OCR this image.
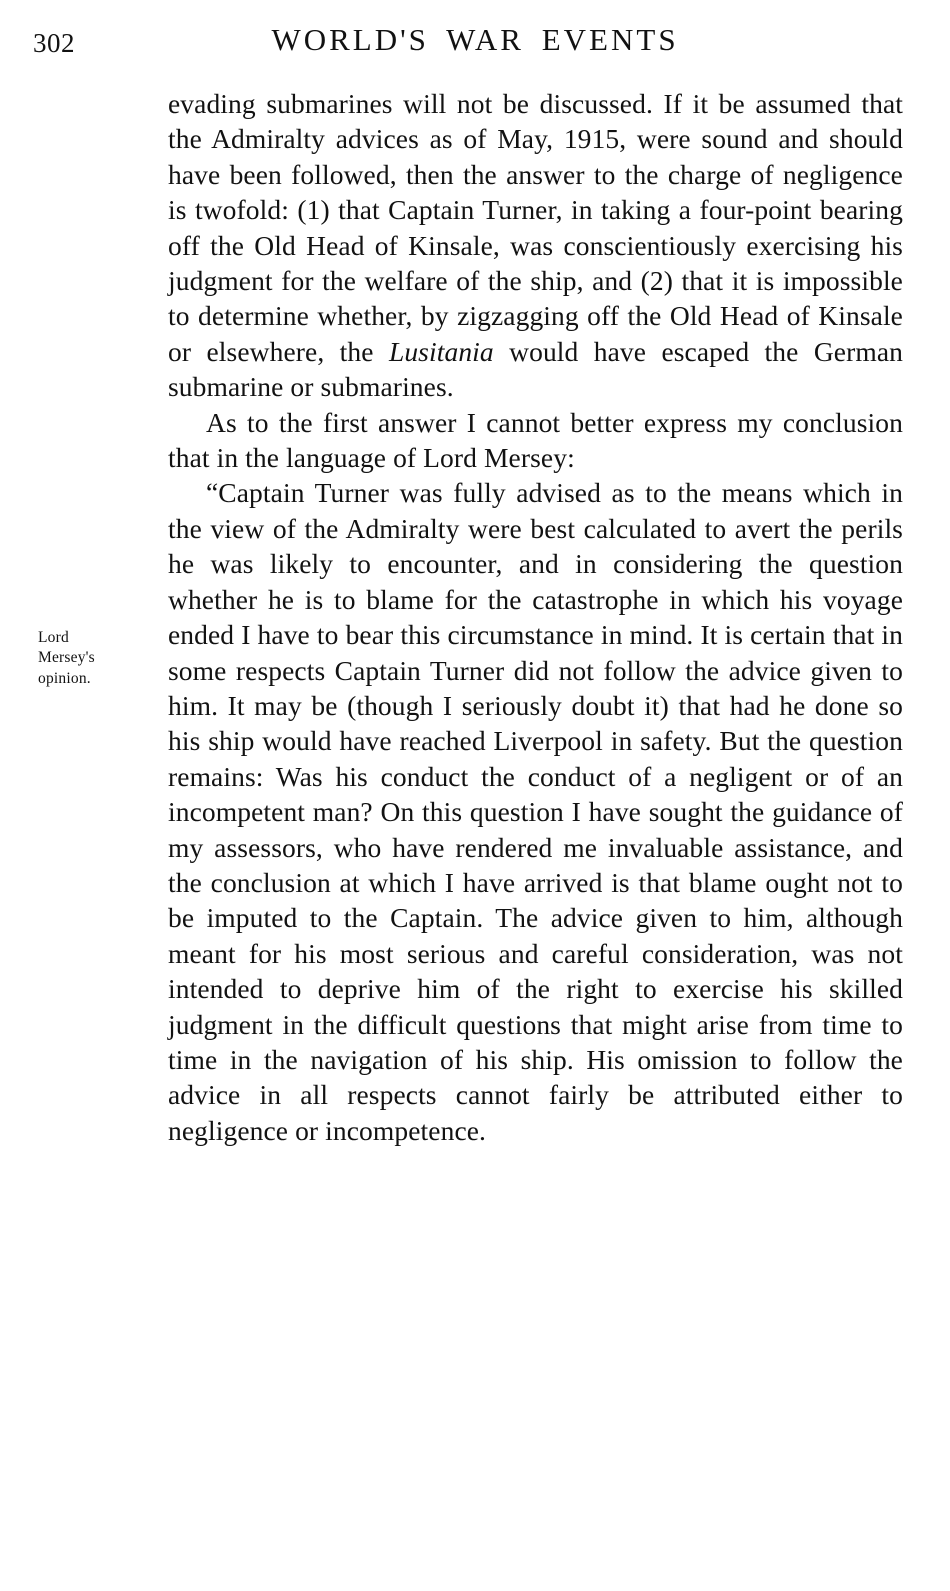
302	WORLD'S WAR EVENTS
Lord
Mersey's
opinion.

evading submarines will not be discussed. If it be assumed that the Admiralty advices as of May, 1915, were sound and should have been followed, then the answer to the charge of negligence is twofold: (1) that Captain Turner, in taking a four-point bearing off the Old Head of Kinsale, was conscientiously exercising his judgment for the welfare of the ship, and (2) that it is impossible to determine whether, by zigzagging off the Old Head of Kinsale or elsewhere, the Lusitania would have escaped the German submarine or submarines.

As to the first answer I cannot better express my conclusion that in the language of Lord Mersey:

“Captain Turner was fully advised as to the means which in the view of the Admiralty were best calculated to avert the perils he was likely to encounter, and in considering the question whether he is to blame for the catastrophe in which his voyage ended I have to bear this circumstance in mind. It is certain that in some respects Captain Turner did not follow the advice given to him. It may be (though I seriously doubt it) that had he done so his ship would have reached Liverpool in safety. But the question remains: Was his conduct the conduct of a negligent or of an incompetent man? On this question I have sought the guidance of my assessors, who have rendered me invaluable assistance, and the conclusion at which I have arrived is that blame ought not to be imputed to the Captain. The advice given to him, although meant for his most serious and careful consideration, was not intended to deprive him of the right to exercise his skilled judgment in the difficult questions that might arise from time to time in the navigation of his ship. His omission to follow the advice in all respects cannot fairly be attributed either to negligence or incompetence.
